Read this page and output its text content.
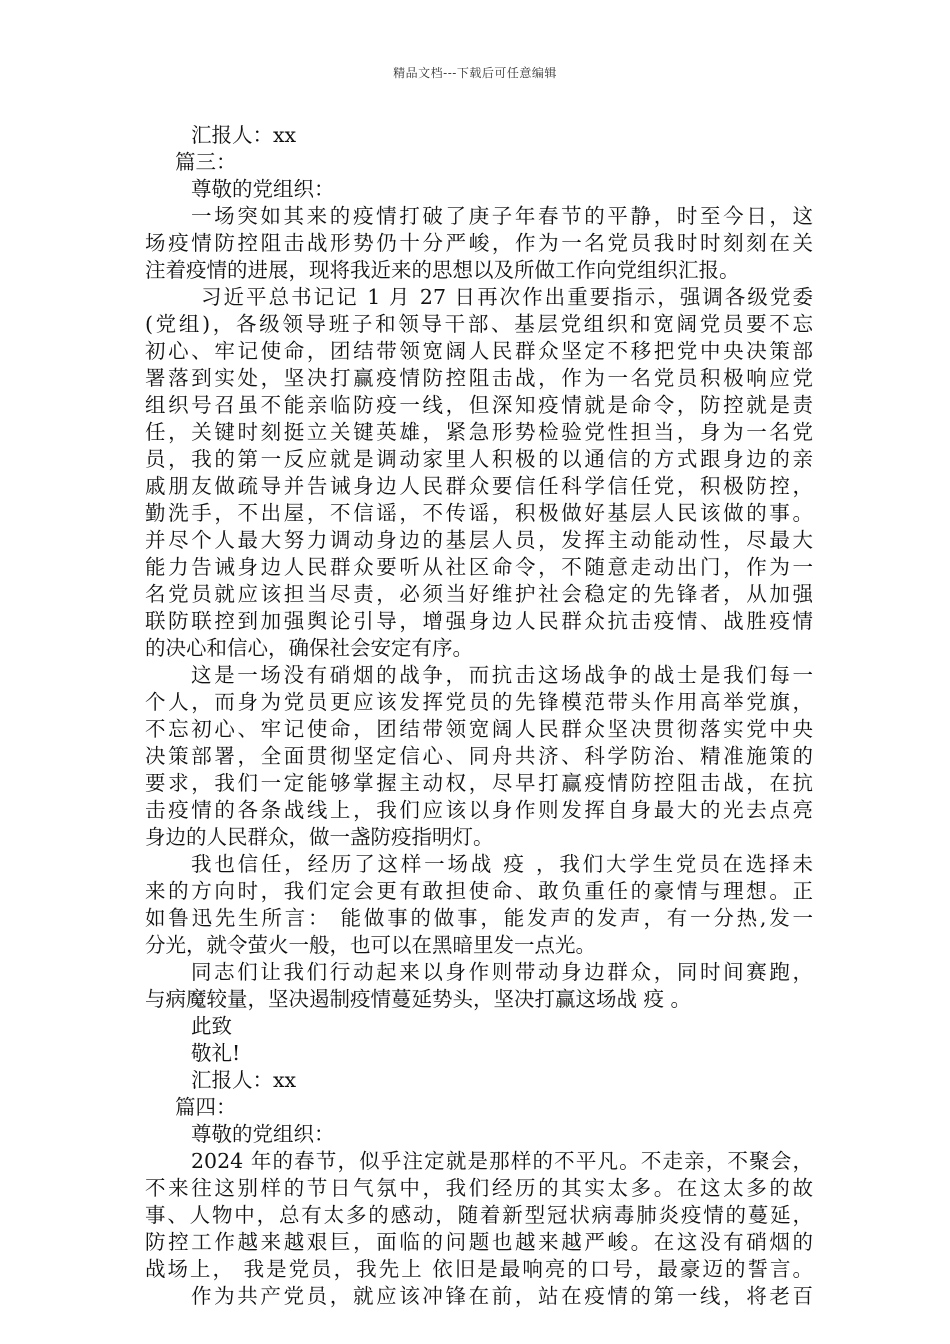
精品文档---下载后可任意编辑
汇报人：xx
篇三：
尊敬的党组织：
一场突如其来的疫情打破了庚子年春节的平静，时至今日，这
场疫情防控阻击战形势仍十分严峻，作为一名党员我时时刻刻在关
注着疫情的进展，现将我近来的思想以及所做工作向党组织汇报。
习近平总书记记 1 月 27 日再次作出重要指示，强调各级党委
(党组)，各级领导班子和领导干部、基层党组织和宽阔党员要不忘
初心、牢记使命，团结带领宽阔人民群众坚定不移把党中央决策部
署落到实处，坚决打赢疫情防控阻击战，作为一名党员积极响应党
组织号召虽不能亲临防疫一线，但深知疫情就是命令，防控就是责
任，关键时刻挺立关键英雄，紧急形势检验党性担当，身为一名党
员，我的第一反应就是调动家里人积极的以通信的方式跟身边的亲
戚朋友做疏导并告诫身边人民群众要信任科学信任党，积极防控，
勤洗手，不出屋，不信谣，不传谣，积极做好基层人民该做的事。
并尽个人最大努力调动身边的基层人员，发挥主动能动性，尽最大
能力告诫身边人民群众要听从社区命令，不随意走动出门，作为一
名党员就应该担当尽责，必须当好维护社会稳定的先锋者，从加强
联防联控到加强舆论引导，增强身边人民群众抗击疫情、战胜疫情
的决心和信心，确保社会安定有序。
这是一场没有硝烟的战争，而抗击这场战争的战士是我们每一
个人，而身为党员更应该发挥党员的先锋模范带头作用高举党旗，
不忘初心、牢记使命，团结带领宽阔人民群众坚决贯彻落实党中央
决策部署，全面贯彻坚定信心、同舟共济、科学防治、精准施策的
要求，我们一定能够掌握主动权，尽早打赢疫情防控阻击战，在抗
击疫情的各条战线上，我们应该以身作则发挥自身最大的光去点亮
身边的人民群众，做一盏防疫指明灯。
我也信任，经历了这样一场战 疫 ，我们大学生党员在选择未
来的方向时，我们定会更有敢担使命、敢负重任的豪情与理想。正
如鲁迅先生所言： 能做事的做事，能发声的发声，有一分热,发一
分光，就令萤火一般，也可以在黑暗里发一点光。
同志们让我们行动起来以身作则带动身边群众，同时间赛跑，
与病魔较量，坚决遏制疫情蔓延势头，坚决打赢这场战 疫 。
此致
敬礼!
汇报人：xx
篇四：
尊敬的党组织：
2024 年的春节，似乎注定就是那样的不平凡。不走亲，不聚会，
不来往这别样的节日气氛中，我们经历的其实太多。在这太多的故
事、人物中，总有太多的感动，随着新型冠状病毒肺炎疫情的蔓延，
防控工作越来越艰巨，面临的问题也越来越严峻。在这没有硝烟的
战场上， 我是党员，我先上 依旧是最响亮的口号，最豪迈的誓言。
作为共产党员，就应该冲锋在前，站在疫情的第一线，将老百
